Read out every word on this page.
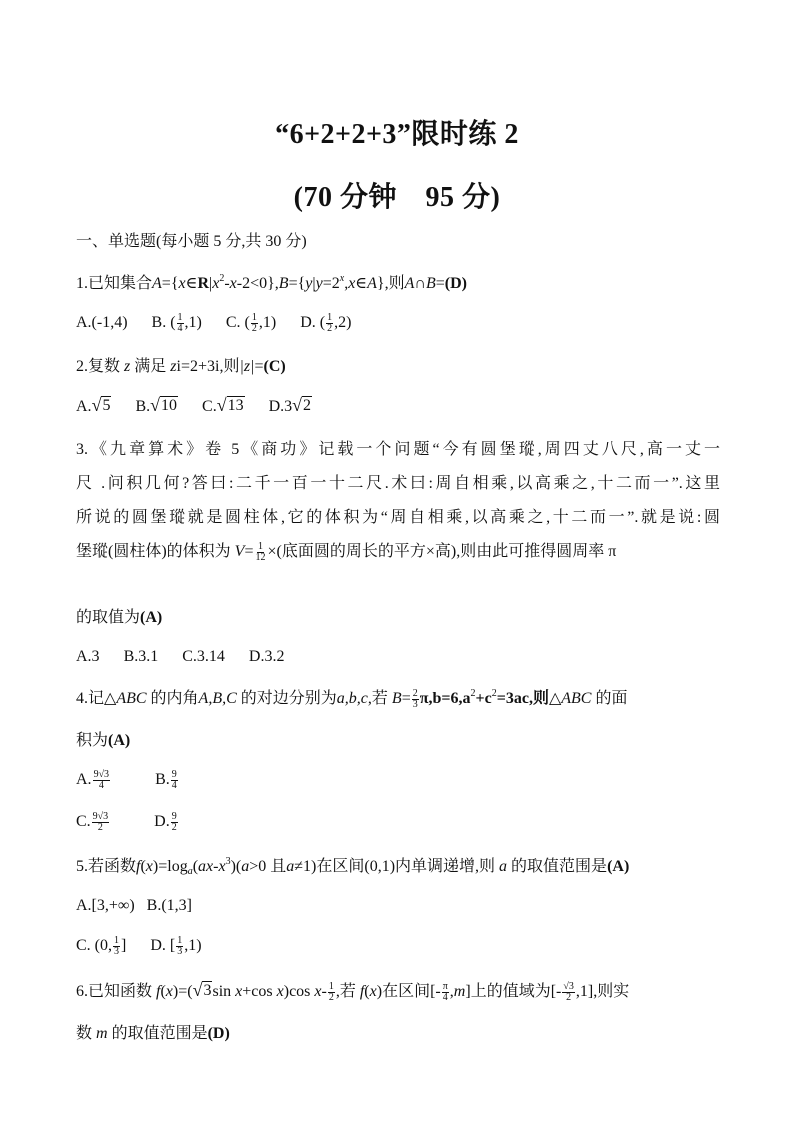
“6+2+2+3”限时练 2
(70 分钟　95 分)
一、单选题(每小题 5 分,共 30 分)
1.已知集合$A=\{x\in R|x^2-x-2<0\},B=\{y|y=2^x,x\in A\}$,则A∩B=(D)
A.(-1,4) B. ( $\frac{1}{4} ,1$) C. ( $\frac{1}{2} ,1$) D. ( $\frac{1}{2} ,2$)
2.复数 z 满足 zi=2+3i,则|z|=(C)
A. √ 5 B. √ 10 C. √ 13 D.3 √ 2
3.《九章算术》卷 5《商功》记载一个问题“今有圆堡瑽,周四丈八尺,高一丈一
尺 .问积几何?答曰:二千一百一十二尺.术曰:周自相乘,以高乘之,十二而一”.这里
所说的圆堡瑽就是圆柱体,它的体积为“周自相乘,以高乘之,十二而一”.就是说:圆
堡瑽(圆柱体)的体积为 $V= \frac{1}{12}$ ×(底面圆的周长的平方×高),则由此可推得圆周率 π
的取值为(A)
A.3 B.3.1 C.3.14 D.3.2
4.记△ABC 的内角A,B,C 的对边分别为a,b,c,若 $B= \frac{2}{3} \pi,b=6,a^2+c^2=3ac$,则△ABC 的面
积为(A)
A. $\frac{9√3}{4}$	B. $\frac{9}{4}$
C. $\frac{9√3}{2}$	D. $\frac{9}{2}$
5.若函数$f(x)=\log_a(ax-x^3)(a>0$ 且a≠1)在区间(0,1)内单调递增,则 a 的取值范围是(A)
A.[3,+∞) B.(1,3]
C. (0, $\frac{1}{3}$ ] D. [ $\frac{1}{3} ,1$)
6.已知函数 f(x)=( √ 3 sin x+cos x)cos $x- \frac{1}{2}$ ,若 f(x)在区间[- $\frac{\pi}{4} ,m$]上的值域为[- $\frac{√3}{2} ,1$],则实
数 m 的取值范围是(D)
